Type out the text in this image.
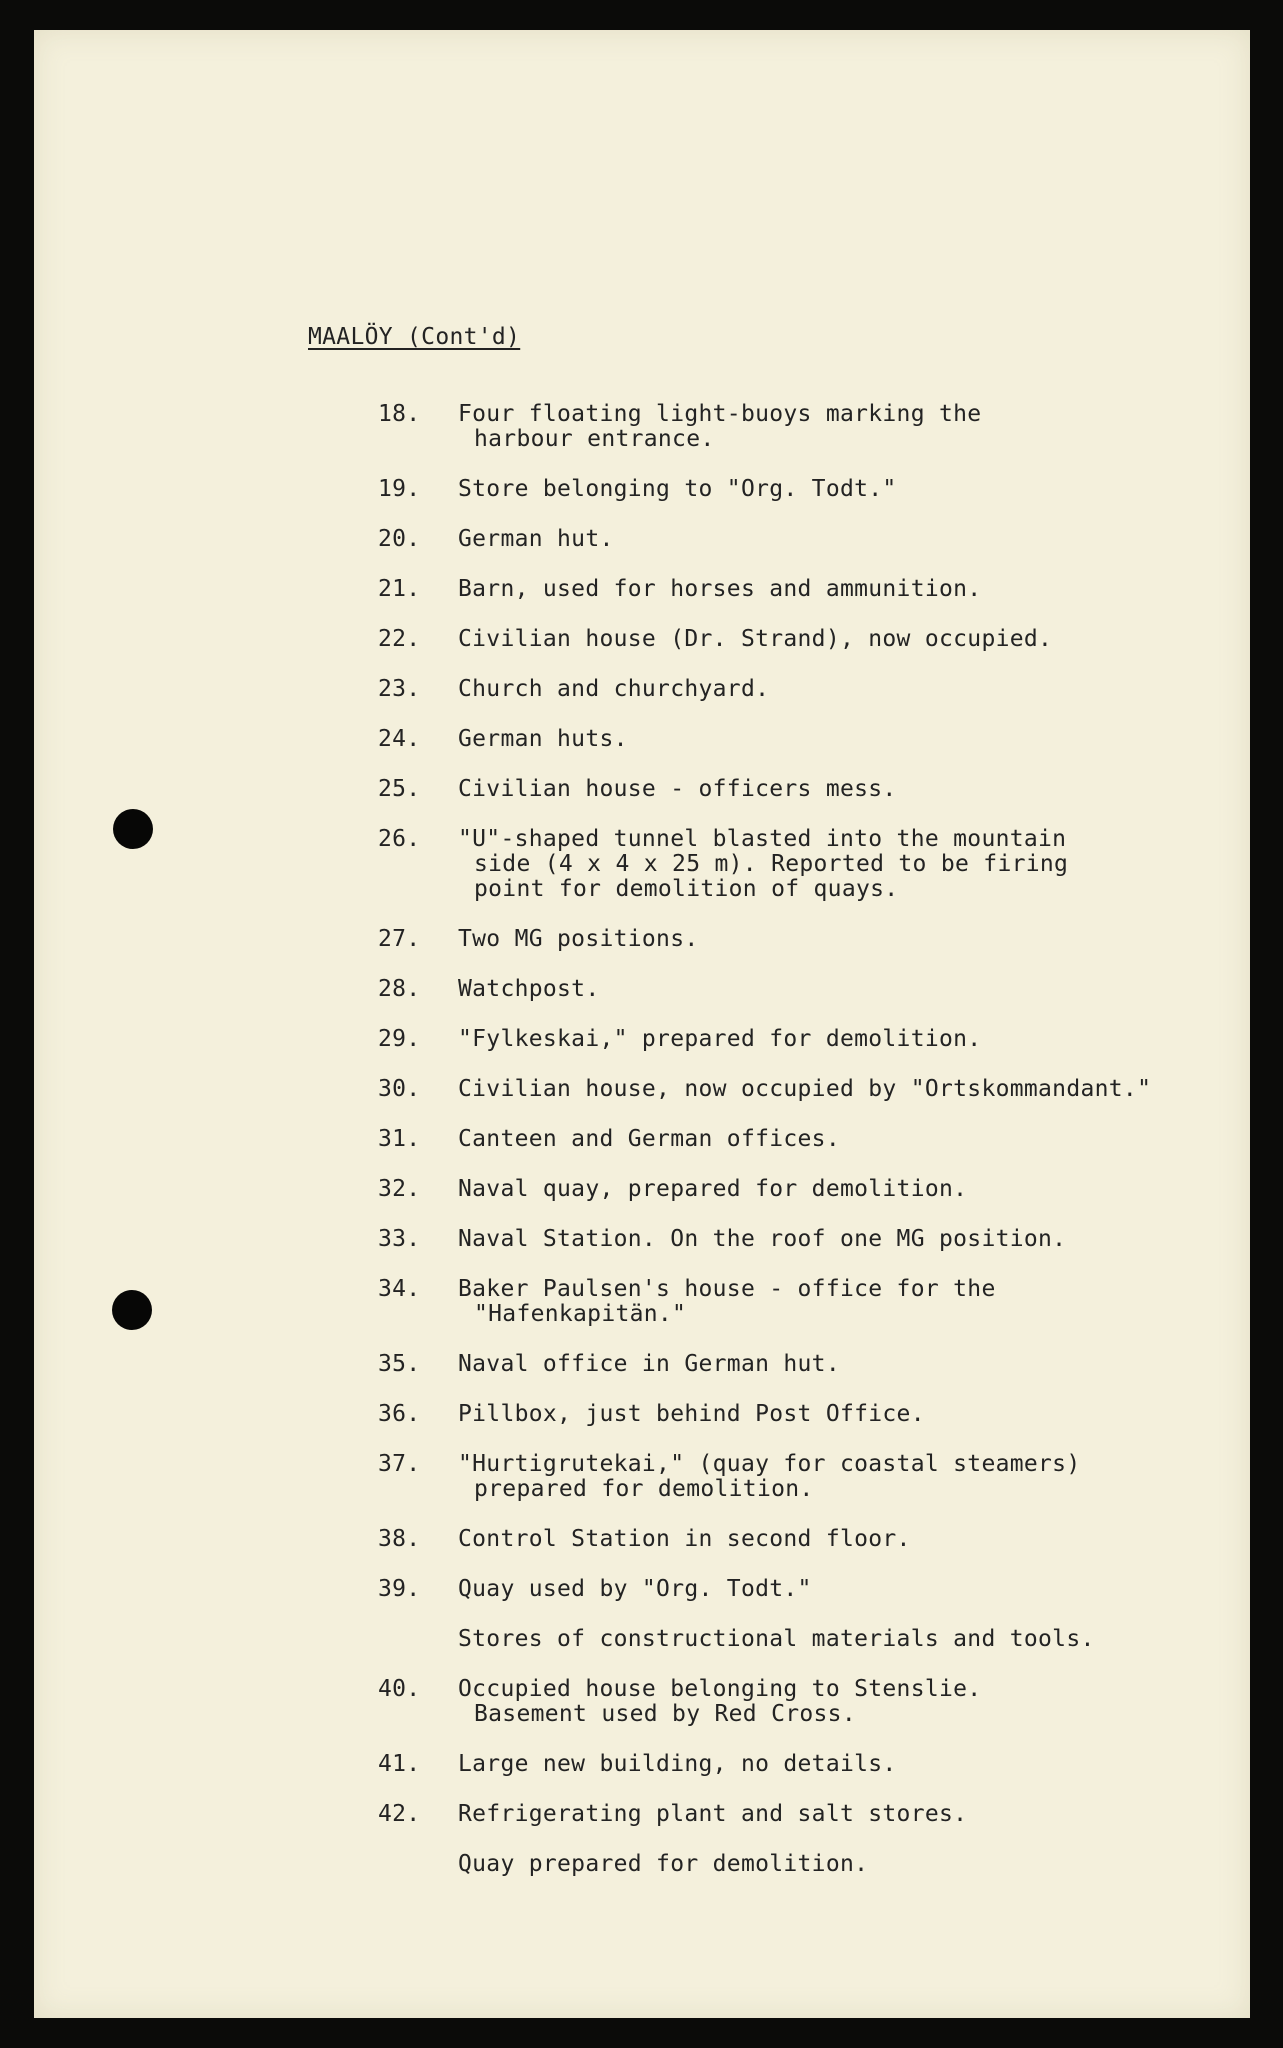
MAALÖY (Cont'd)
18.	Four floating light-buoys marking the
harbour entrance.
19.	Store belonging to "Org. Todt."
20.	German hut.
21.	Barn, used for horses and ammunition.
22.	Civilian house (Dr. Strand), now occupied.
23.	Church and churchyard.
24.	German huts.
25.	Civilian house - officers mess.
26.	"U"-shaped tunnel blasted into the mountain
side (4 x 4 x 25 m). Reported to be firing
point for demolition of quays.
27.	Two MG positions.
28.	Watchpost.
29.	"Fylkeskai," prepared for demolition.
30.	Civilian house, now occupied by "Ortskommandant."
31.	Canteen and German offices.
32.	Naval quay, prepared for demolition.
33.	Naval Station. On the roof one MG position.
34.	Baker Paulsen's house - office for the
"Hafenkapitän."
35.	Naval office in German hut.
36.	Pillbox, just behind Post Office.
37.	"Hurtigrutekai," (quay for coastal steamers)
prepared for demolition.
38.	Control Station in second floor.
39.	Quay used by "Org. Todt."
Stores of constructional materials and tools.
40.	Occupied house belonging to Stenslie.
Basement used by Red Cross.
41.	Large new building, no details.
42.	Refrigerating plant and salt stores.
Quay prepared for demolition.
